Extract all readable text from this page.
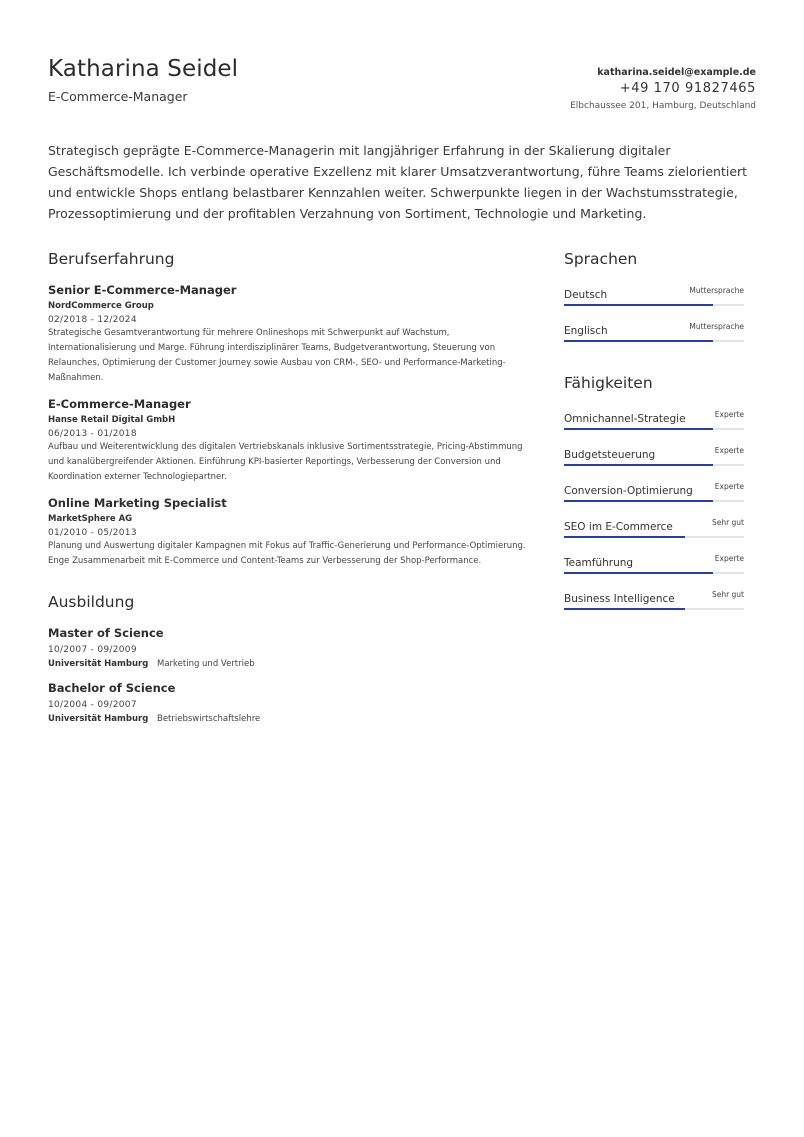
Katharina Seidel
E-Commerce-Manager
katharina.seidel@example.de
+49 170 91827465
Elbchaussee 201, Hamburg, Deutschland

Strategisch geprägte E-Commerce-Managerin mit langjähriger Erfahrung in der Skalierung digitaler Geschäftsmodelle. Ich verbinde operative Exzellenz mit klarer Umsatzverantwortung, führe Teams zielorientiert und entwickle Shops entlang belastbarer Kennzahlen weiter. Schwerpunkte liegen in der Wachstumsstrategie, Prozessoptimierung und der profitablen Verzahnung von Sortiment, Technologie und Marketing.

Berufserfahrung
Senior E-Commerce-Manager
NordCommerce Group
02/2018 - 12/2024
Strategische Gesamtverantwortung für mehrere Onlineshops mit Schwerpunkt auf Wachstum, Internationalisierung und Marge. Führung interdisziplinärer Teams, Budgetverantwortung, Steuerung von Relaunches, Optimierung der Customer Journey sowie Ausbau von CRM-, SEO- und Performance-Marketing-Maßnahmen.
E-Commerce-Manager
Hanse Retail Digital GmbH
06/2013 - 01/2018
Aufbau und Weiterentwicklung des digitalen Vertriebskanals inklusive Sortimentsstrategie, Pricing-Abstimmung und kanalübergreifender Aktionen. Einführung KPI-basierter Reportings, Verbesserung der Conversion und Koordination externer Technologiepartner.
Online Marketing Specialist
MarketSphere AG
01/2010 - 05/2013
Planung und Auswertung digitaler Kampagnen mit Fokus auf Traffic-Generierung und Performance-Optimierung. Enge Zusammenarbeit mit E-Commerce und Content-Teams zur Verbesserung der Shop-Performance.
Ausbildung
Master of Science
10/2007 - 09/2009
Universität Hamburg Marketing und Vertrieb
Bachelor of Science
10/2004 - 09/2007
Universität Hamburg Betriebswirtschaftslehre
Sprachen
Deutsch	Muttersprache
Englisch	Muttersprache
Fähigkeiten
Omnichannel-Strategie	Experte
Budgetsteuerung	Experte
Conversion-Optimierung	Experte
SEO im E-Commerce	Sehr gut
Teamführung	Experte
Business Intelligence	Sehr gut
